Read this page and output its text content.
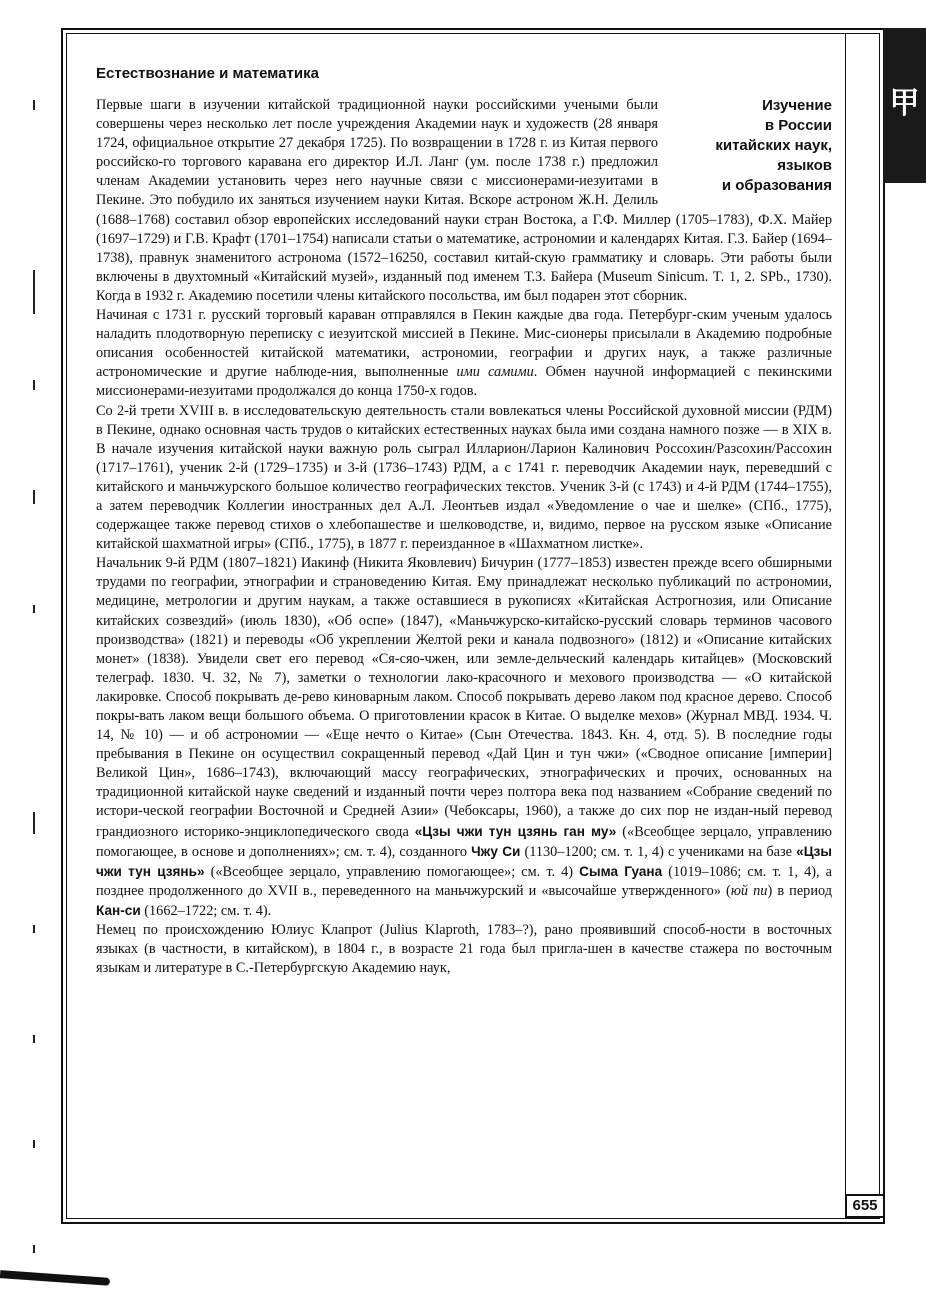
甲
655
Естествознание и математика
Изучение
в России
китайских наук,
языков
и образования

Первые шаги в изучении китайской традиционной науки российскими учеными были совершены через несколько лет после учреждения Академии наук и художеств (28 января 1724, официальное открытие 27 декабря 1725). По возвращении в 1728 г. из Китая первого российско-го торгового каравана его директор И.Л. Ланг (ум. после 1738 г.) предложил членам Академии установить через него научные связи с миссионерами-иезуитами в Пекине. Это побудило их заняться изучением науки Китая. Вскоре астроном Ж.Н. Делиль (1688–1768) составил обзор европейских исследований науки стран Востока, а Г.Ф. Миллер (1705–1783), Ф.Х. Майер (1697–1729) и Г.В. Крафт (1701–1754) написали статьи о математике, астрономии и календарях Китая. Г.З. Байер (1694–1738), правнук знаменитого астронома (1572–16250, составил китай-скую грамматику и словарь. Эти работы были включены в двухтомный «Китайский музей», изданный под именем Т.З. Байера (Museum Sinicum. T. 1, 2. SPb., 1730). Когда в 1932 г. Академию посетили члены китайского посольства, им был подарен этот сборник.

Начиная с 1731 г. русский торговый караван отправлялся в Пекин каждые два года. Петербург-ским ученым удалось наладить плодотворную переписку с иезуитской миссией в Пекине. Мис-сионеры присылали в Академию подробные описания особенностей китайской математики, астрономии, географии и других наук, а также различные астрономические и другие наблюде-ния, выполненные ими самими. Обмен научной информацией с пекинскими миссионерами-иезуитами продолжался до конца 1750-х годов.

Со 2-й трети XVIII в. в исследовательскую деятельность стали вовлекаться члены Российской духовной миссии (РДМ) в Пекине, однако основная часть трудов о китайских естественных науках была ими создана намного позже — в XIX в. В начале изучения китайской науки важную роль сыграл Илларион/Ларион Калинович Россохин/Разсохин/Рассохин (1717–1761), ученик 2-й (1729–1735) и 3-й (1736–1743) РДМ, а с 1741 г. переводчик Академии наук, переведший с китайского и маньчжурского большое количество географических текстов. Ученик 3-й (с 1743) и 4-й РДМ (1744–1755), а затем переводчик Коллегии иностранных дел А.Л. Леонтьев издал «Уведомление о чае и шелке» (СПб., 1775), содержащее также перевод стихов о хлебопашестве и шелководстве, и, видимо, первое на русском языке «Описание китайской шахматной игры» (СПб., 1775), в 1877 г. переизданное в «Шахматном листке».

Начальник 9-й РДМ (1807–1821) Иакинф (Никита Яковлевич) Бичурин (1777–1853) известен прежде всего обширными трудами по географии, этнографии и страноведению Китая. Ему принадлежат несколько публикаций по астрономии, медицине, метрологии и другим наукам, а также оставшиеся в рукописях «Китайская Астрогнозия, или Описание китайских созвездий» (июль 1830), «Об оспе» (1847), «Маньчжурско-китайско-русский словарь терминов часового производства» (1821) и переводы «Об укреплении Желтой реки и канала подвозного» (1812) и «Описание китайских монет» (1838). Увидели свет его перевод «Ся-сяо-чжен, или земле-дельческий календарь китайцев» (Московский телеграф. 1830. Ч. 32, № 7), заметки о технологии лако-красочного и мехового производства — «О китайской лакировке. Способ покрывать де-рево киноварным лаком. Способ покрывать дерево лаком под красное дерево. Способ покры-вать лаком вещи большого объема. О приготовлении красок в Китае. О выделке мехов» (Журнал МВД. 1934. Ч. 14, № 10) — и об астрономии — «Еще нечто о Китае» (Сын Отечества. 1843. Кн. 4, отд. 5). В последние годы пребывания в Пекине он осуществил сокращенный перевод «Дай Цин и тун чжи» («Сводное описание [империи] Великой Цин», 1686–1743), включающий массу географических, этнографических и прочих, основанных на традиционной китайской науке сведений и изданный почти через полтора века под названием «Собрание сведений по истори-ческой географии Восточной и Средней Азии» (Чебоксары, 1960), а также до сих пор не издан-ный перевод грандиозного историко-энциклопедического свода «Цзы чжи тун цзянь ган му» («Всеобщее зерцало, управлению помогающее, в основе и дополнениях»; см. т. 4), созданного Чжу Си (1130–1200; см. т. 1, 4) с учениками на базе «Цзы чжи тун цзянь» («Всеобщее зерцало, управлению помогающее»; см. т. 4) Сыма Гуана (1019–1086; см. т. 1, 4), а позднее продолженного до XVII в., переведенного на маньчжурский и «высочайше утвержденного» (юй пи) в период Кан-си (1662–1722; см. т. 4).

Немец по происхождению Юлиус Клапрот (Julius Klaproth, 1783–?), рано проявивший способ-ности в восточных языках (в частности, в китайском), в 1804 г., в возрасте 21 года был пригла-шен в качестве стажера по восточным языкам и литературе в С.-Петербургскую Академию наук,
